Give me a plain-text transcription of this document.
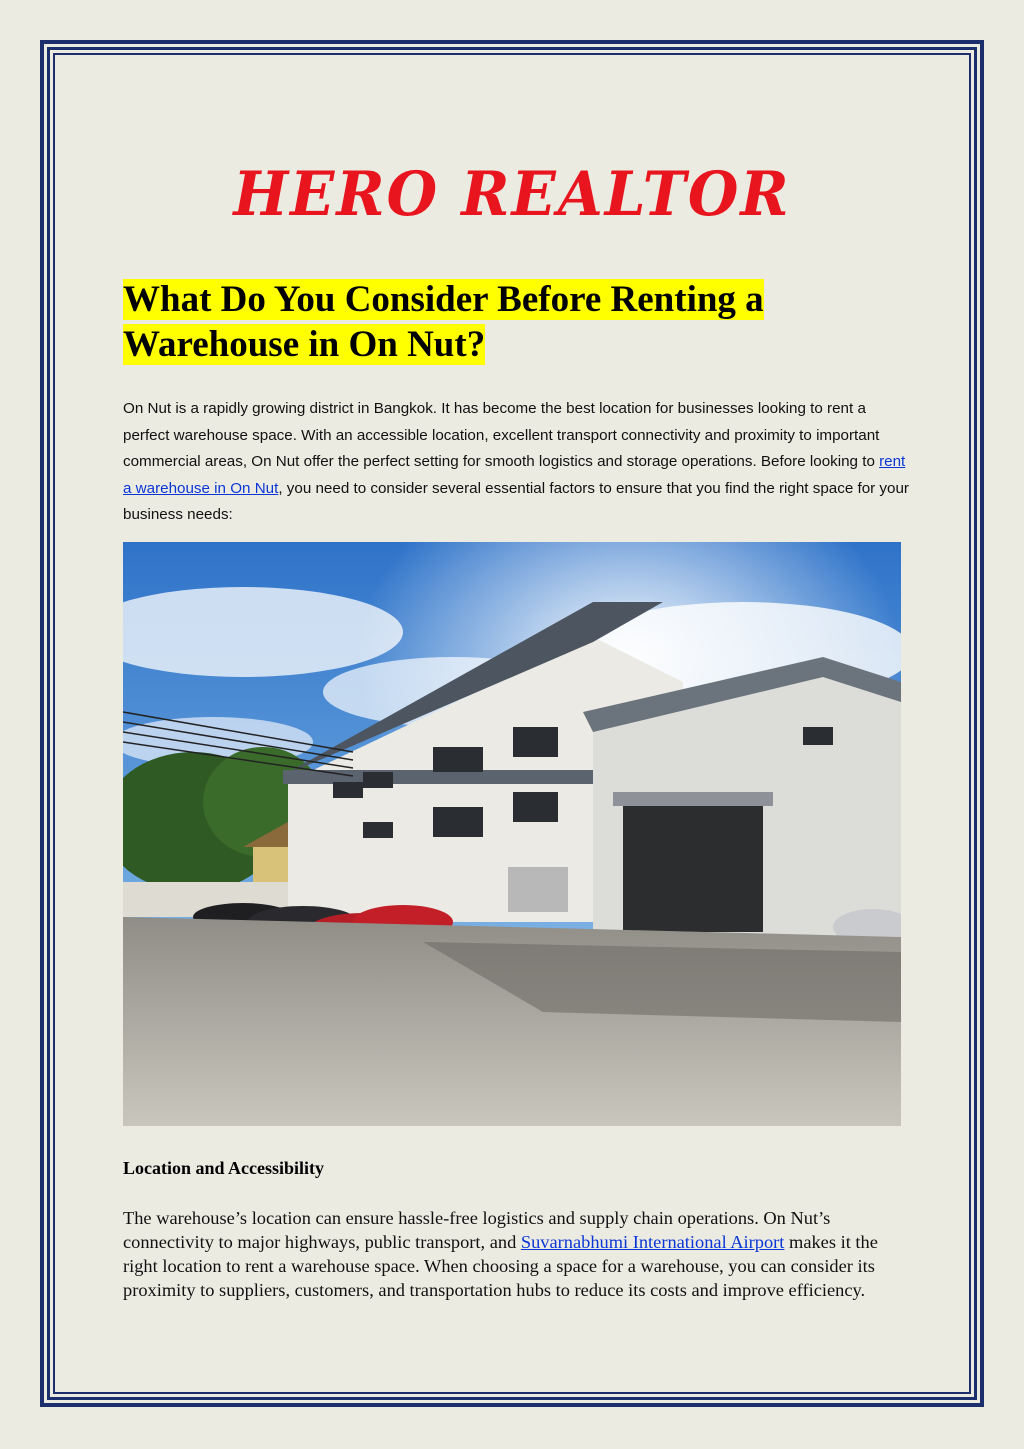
HERO REALTOR
What Do You Consider Before Renting a Warehouse in On Nut?

On Nut is a rapidly growing district in Bangkok. It has become the best location for businesses looking to rent a perfect warehouse space. With an accessible location, excellent transport connectivity and proximity to important commercial areas, On Nut offer the perfect setting for smooth logistics and storage operations. Before looking to rent a warehouse in On Nut, you need to consider several essential factors to ensure that you find the right space for your business needs:

Location and Accessibility

The warehouse’s location can ensure hassle-free logistics and supply chain operations. On Nut’s connectivity to major highways, public transport, and Suvarnabhumi International Airport makes it the right location to rent a warehouse space. When choosing a space for a warehouse, you can consider its proximity to suppliers, customers, and transportation hubs to reduce its costs and improve efficiency.
